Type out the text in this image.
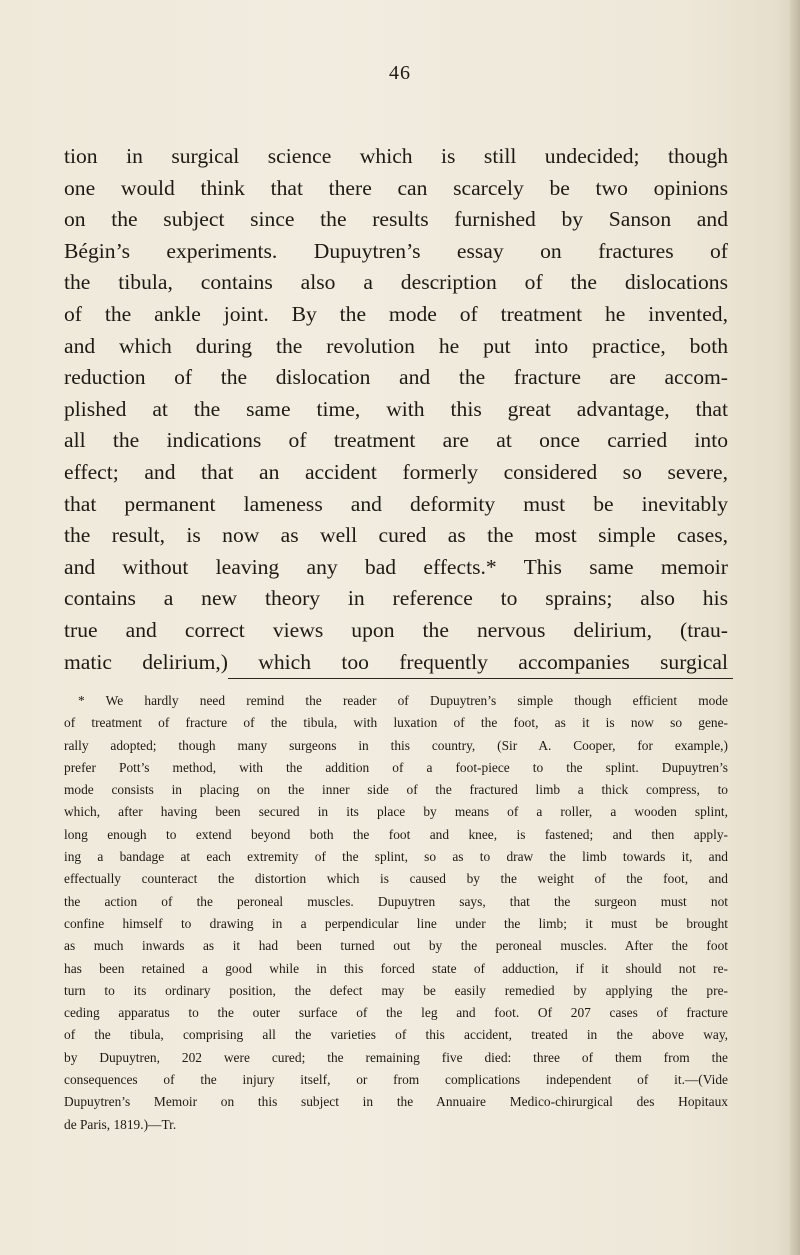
46
tion in surgical science which is still undecided; though
one would think that there can scarcely be two opinions
on the subject since the results furnished by Sanson and
Bégin’s experiments. Dupuytren’s essay on fractures of
the tibula, contains also a description of the dislocations
of the ankle joint. By the mode of treatment he invented,
and which during the revolution he put into practice, both
reduction of the dislocation and the fracture are accom-
plished at the same time, with this great advantage, that
all the indications of treatment are at once carried into
effect; and that an accident formerly considered so severe,
that permanent lameness and deformity must be inevitably
the result, is now as well cured as the most simple cases,
and without leaving any bad effects.* This same memoir
contains a new theory in reference to sprains; also his
true and correct views upon the nervous delirium, (trau-
matic delirium,) which too frequently accompanies surgical
* We hardly need remind the reader of Dupuytren’s simple though efficient mode
of treatment of fracture of the tibula, with luxation of the foot, as it is now so gene-
rally adopted; though many surgeons in this country, (Sir A. Cooper, for example,)
prefer Pott’s method, with the addition of a foot-piece to the splint. Dupuytren’s
mode consists in placing on the inner side of the fractured limb a thick compress, to
which, after having been secured in its place by means of a roller, a wooden splint,
long enough to extend beyond both the foot and knee, is fastened; and then apply-
ing a bandage at each extremity of the splint, so as to draw the limb towards it, and
effectually counteract the distortion which is caused by the weight of the foot, and
the action of the peroneal muscles. Dupuytren says, that the surgeon must not
confine himself to drawing in a perpendicular line under the limb; it must be brought
as much inwards as it had been turned out by the peroneal muscles. After the foot
has been retained a good while in this forced state of adduction, if it should not re-
turn to its ordinary position, the defect may be easily remedied by applying the pre-
ceding apparatus to the outer surface of the leg and foot. Of 207 cases of fracture
of the tibula, comprising all the varieties of this accident, treated in the above way,
by Dupuytren, 202 were cured; the remaining five died: three of them from the
consequences of the injury itself, or from complications independent of it.—(Vide
Dupuytren’s Memoir on this subject in the Annuaire Medico-chirurgical des Hopitaux
de Paris, 1819.)—Tr.
